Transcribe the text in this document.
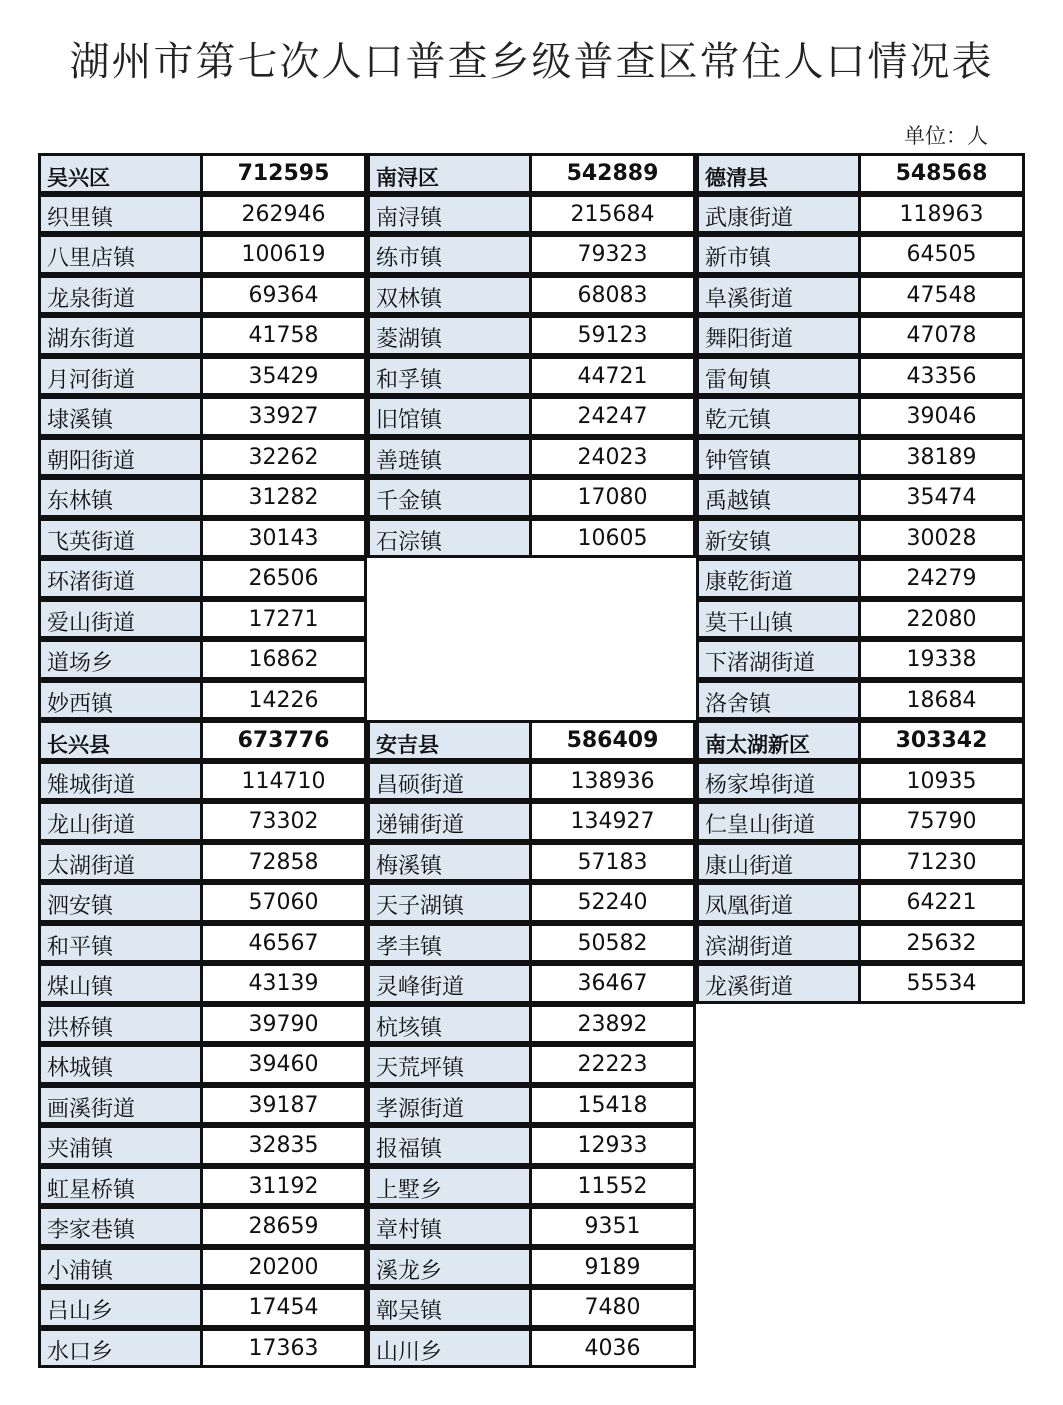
湖州市第七次人口普查乡级普查区常住人口情况表
单位：人
吴兴区	712595
织里镇	262946
八里店镇	100619
龙泉街道	69364
湖东街道	41758
月河街道	35429
埭溪镇	33927
朝阳街道	32262
东林镇	31282
飞英街道	30143
环渚街道	26506
爱山街道	17271
道场乡	16862
妙西镇	14226
南浔区	542889
南浔镇	215684
练市镇	79323
双林镇	68083
菱湖镇	59123
和孚镇	44721
旧馆镇	24247
善琏镇	24023
千金镇	17080
石淙镇	10605
德清县	548568
武康街道	118963
新市镇	64505
阜溪街道	47548
舞阳街道	47078
雷甸镇	43356
乾元镇	39046
钟管镇	38189
禹越镇	35474
新安镇	30028
康乾街道	24279
莫干山镇	22080
下渚湖街道	19338
洛舍镇	18684
长兴县	673776
雉城街道	114710
龙山街道	73302
太湖街道	72858
泗安镇	57060
和平镇	46567
煤山镇	43139
洪桥镇	39790
林城镇	39460
画溪街道	39187
夹浦镇	32835
虹星桥镇	31192
李家巷镇	28659
小浦镇	20200
吕山乡	17454
水口乡	17363
安吉县	586409
昌硕街道	138936
递铺街道	134927
梅溪镇	57183
天子湖镇	52240
孝丰镇	50582
灵峰街道	36467
杭垓镇	23892
天荒坪镇	22223
孝源街道	15418
报福镇	12933
上墅乡	11552
章村镇	9351
溪龙乡	9189
鄣吴镇	7480
山川乡	4036
南太湖新区	303342
杨家埠街道	10935
仁皇山街道	75790
康山街道	71230
凤凰街道	64221
滨湖街道	25632
龙溪街道	55534
